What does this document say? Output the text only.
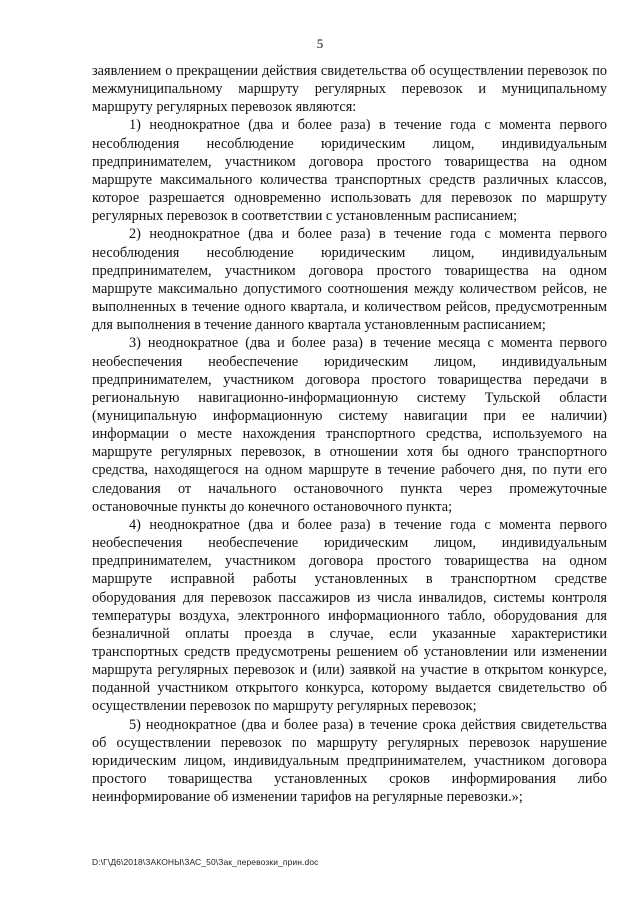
5

заявлением о прекращении действия свидетельства об осуществлении перевозок по межмуниципальному маршруту регулярных перевозок и муниципальному маршруту регулярных перевозок являются:

1) неоднократное (два и более раза) в течение года с момента первого несоблюдения несоблюдение юридическим лицом, индивидуальным предпринимателем, участником договора простого товарищества на одном маршруте максимального количества транспортных средств различных классов, которое разрешается одновременно использовать для перевозок по маршруту регулярных перевозок в соответствии с установленным расписанием;

2) неоднократное (два и более раза) в течение года с момента первого несоблюдения несоблюдение юридическим лицом, индивидуальным предпринимателем, участником договора простого товарищества на одном маршруте максимально допустимого соотношения между количеством рейсов, не выполненных в течение одного квартала, и количеством рейсов, предусмотренным для выполнения в течение данного квартала установленным расписанием;

3) неоднократное (два и более раза) в течение месяца с момента первого необеспечения необеспечение юридическим лицом, индивидуальным предпринимателем, участником договора простого товарищества передачи в региональную навигационно-информационную систему Тульской области (муниципальную информационную систему навигации при ее наличии) информации о месте нахождения транспортного средства, используемого на маршруте регулярных перевозок, в отношении хотя бы одного транспортного средства, находящегося на одном маршруте в течение рабочего дня, по пути его следования от начального остановочного пункта через промежуточные остановочные пункты до конечного остановочного пункта;

4) неоднократное (два и более раза) в течение года с момента первого необеспечения необеспечение юридическим лицом, индивидуальным предпринимателем, участником договора простого товарищества на одном маршруте исправной работы установленных в транспортном средстве оборудования для перевозок пассажиров из числа инвалидов, системы контроля температуры воздуха, электронного информационного табло, оборудования для безналичной оплаты проезда в случае, если указанные характеристики транспортных средств предусмотрены решением об установлении или изменении маршрута регулярных перевозок и (или) заявкой на участие в открытом конкурсе, поданной участником открытого конкурса, которому выдается свидетельство об осуществлении перевозок по маршруту регулярных перевозок;

5) неоднократное (два и более раза) в течение срока действия свидетельства об осуществлении перевозок по маршруту регулярных перевозок нарушение юридическим лицом, индивидуальным предпринимателем, участником договора простого товарищества установленных сроков информирования либо неинформирование об изменении тарифов на регулярные перевозки.»;

D:\Г\Д6\2018\ЗАКОНЫ\ЗАС_50\Зак_перевозки_прин.doc
